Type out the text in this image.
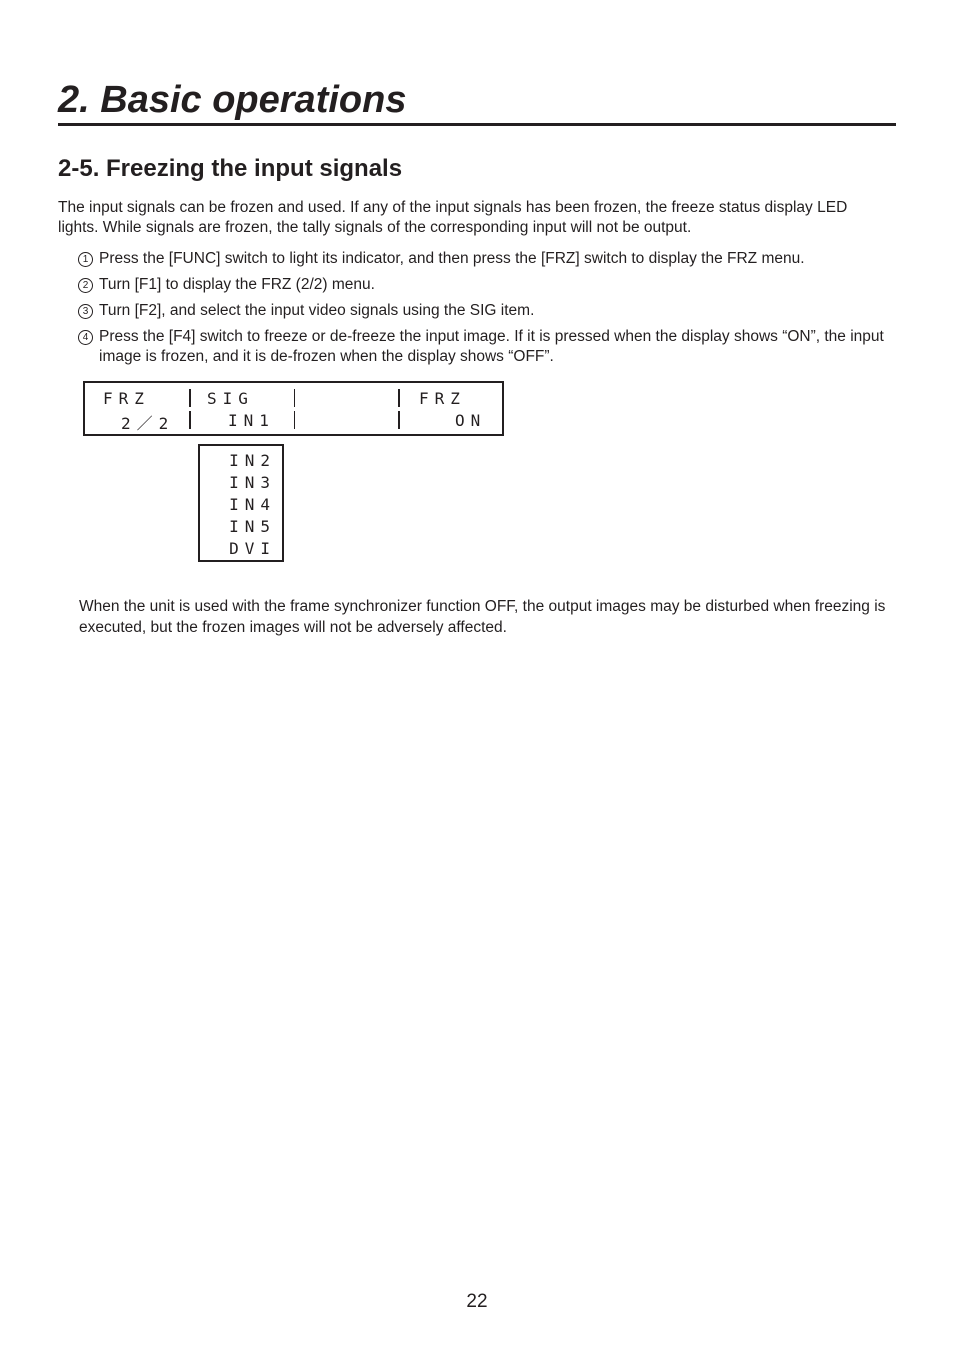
2. Basic operations
2-5. Freezing the input signals

The input signals can be frozen and used. If any of the input signals has been frozen, the freeze status display LED lights. While signals are frozen, the tally signals of the corresponding input will not be output.

1 Press the [FUNC] switch to light its indicator, and then press the [FRZ] switch to display the FRZ menu.
2 Turn [F1] to display the FRZ (2/2) menu.
3 Turn [F2], and select the input video signals using the SIG item.
4 Press the [F4] switch to freeze or de-freeze the input image. If it is pressed when the display shows “ON”, the input image is frozen, and it is de-frozen when the display shows “OFF”.
FRZ
2／2
SIG
IN1
FRZ
ON
IN2
IN3
IN4
IN5
DVI

When the unit is used with the frame synchronizer function OFF, the output images may be disturbed when freezing is executed, but the frozen images will not be adversely affected.

22
